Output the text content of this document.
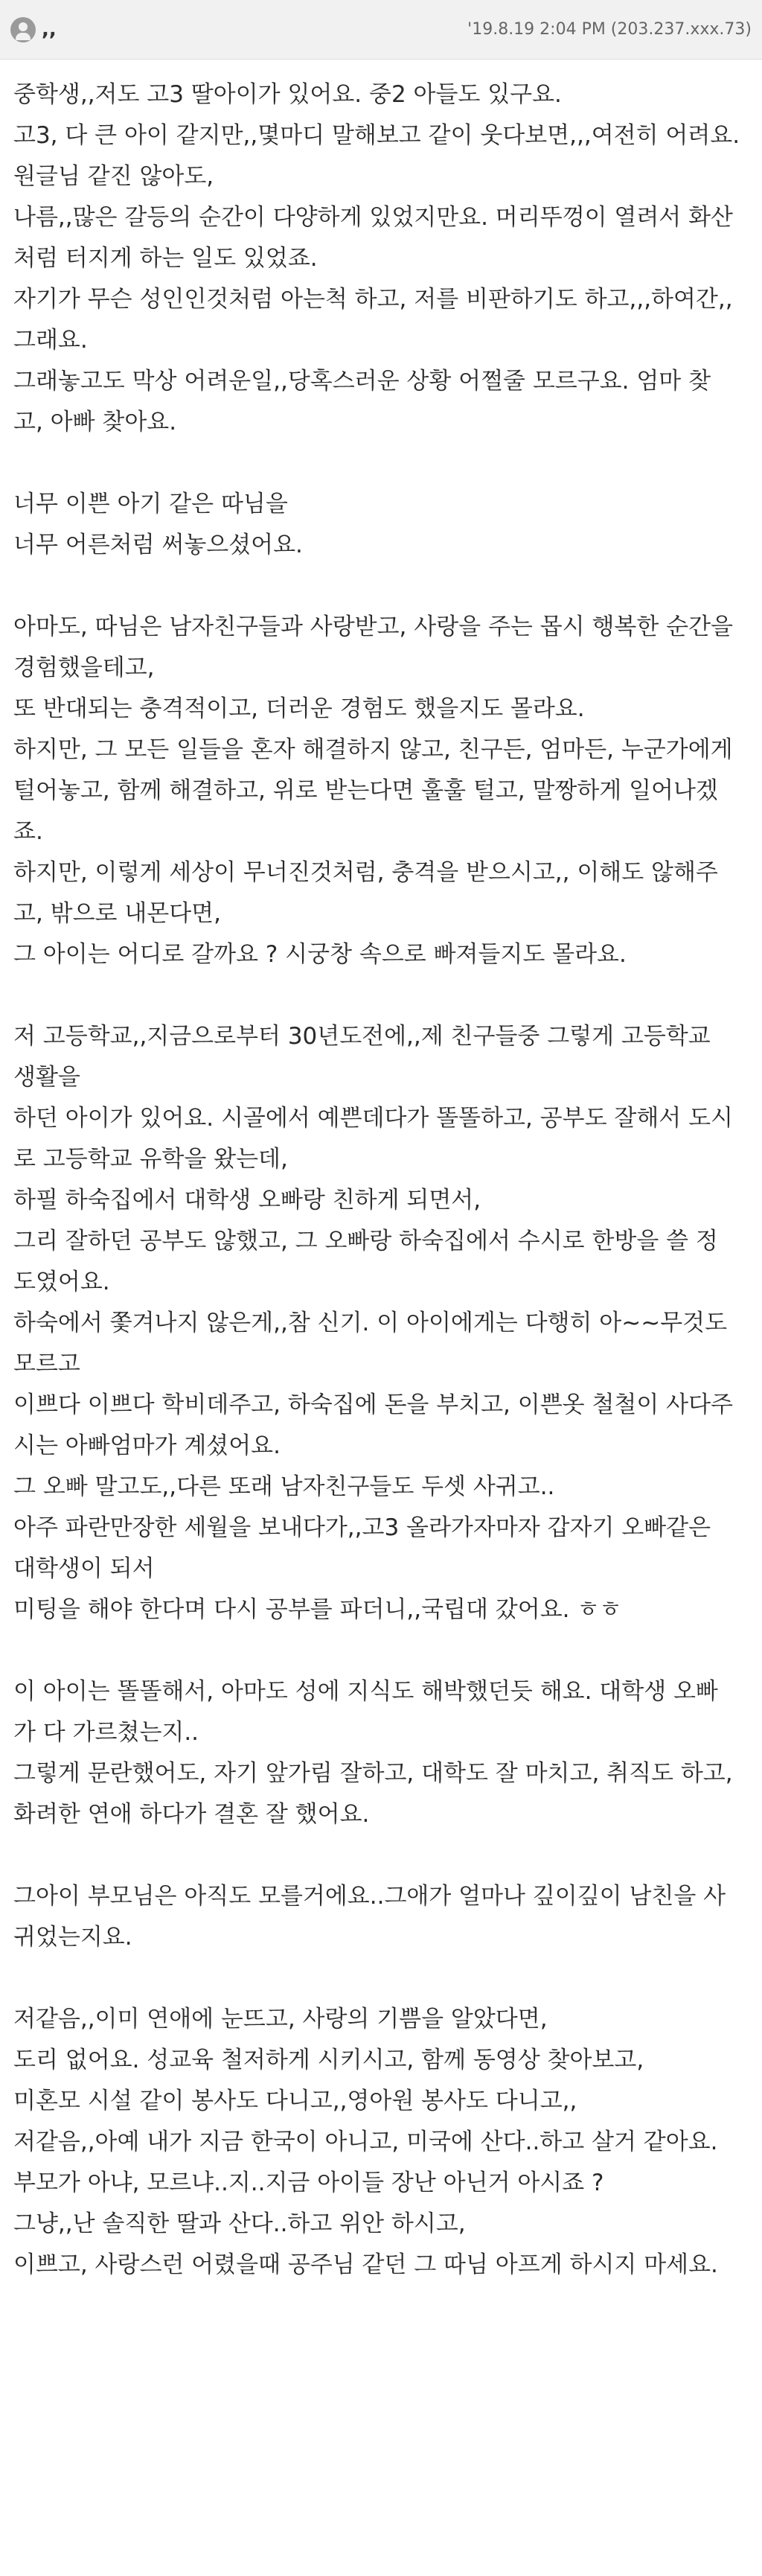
,,	'19.8.19 2:04 PM (203.237.xxx.73)
중학생,,저도 고3 딸아이가 있어요. 중2 아들도 있구요.
고3, 다 큰 아이 같지만,,몇마디 말해보고 같이 웃다보면,,,여전히 어려요.
원글님 같진 않아도,
나름,,많은 갈등의 순간이 다양하게 있었지만요. 머리뚜껑이 열려서 화산
처럼 터지게 하는 일도 있었죠.
자기가 무슨 성인인것처럼 아는척 하고, 저를 비판하기도 하고,,,하여간,,
그래요.
그래놓고도 막상 어려운일,,당혹스러운 상황 어쩔줄 모르구요. 엄마 찾
고, 아빠 찾아요.
너무 이쁜 아기 같은 따님을
너무 어른처럼 써놓으셨어요.
아마도, 따님은 남자친구들과 사랑받고, 사랑을 주는 몹시 행복한 순간을
경험했을테고,
또 반대되는 충격적이고, 더러운 경험도 했을지도 몰라요.
하지만, 그 모든 일들을 혼자 해결하지 않고, 친구든, 엄마든, 누군가에게
털어놓고, 함께 해결하고, 위로 받는다면 훌훌 털고, 말짱하게 일어나겠
죠.
하지만, 이렇게 세상이 무너진것처럼, 충격을 받으시고,, 이해도 않해주
고, 밖으로 내몬다면,
그 아이는 어디로 갈까요 ? 시궁창 속으로 빠져들지도 몰라요.
저 고등학교,,지금으로부터 30년도전에,,제 친구들중 그렇게 고등학교
생활을
하던 아이가 있어요. 시골에서 예쁜데다가 똘똘하고, 공부도 잘해서 도시
로 고등학교 유학을 왔는데,
하필 하숙집에서 대학생 오빠랑 친하게 되면서,
그리 잘하던 공부도 않했고, 그 오빠랑 하숙집에서 수시로 한방을 쓸 정
도였어요.
하숙에서 쫓겨나지 않은게,,참 신기. 이 아이에게는 다행히 아~~무것도
모르고
이쁘다 이쁘다 학비데주고, 하숙집에 돈을 부치고, 이쁜옷 철철이 사다주
시는 아빠엄마가 계셨어요.
그 오빠 말고도,,다른 또래 남자친구들도 두셋 사귀고..
아주 파란만장한 세월을 보내다가,,고3 올라가자마자 갑자기 오빠같은
대학생이 되서
미팅을 해야 한다며 다시 공부를 파더니,,국립대 갔어요. ㅎㅎ
이 아이는 똘똘해서, 아마도 성에 지식도 해박했던듯 해요. 대학생 오빠
가 다 가르쳤는지..
그렇게 문란했어도, 자기 앞가림 잘하고, 대학도 잘 마치고, 취직도 하고,
화려한 연애 하다가 결혼 잘 했어요.
그아이 부모님은 아직도 모를거에요..그애가 얼마나 깊이깊이 남친을 사
귀었는지요.
저같음,,이미 연애에 눈뜨고, 사랑의 기쁨을 알았다면,
도리 없어요. 성교육 철저하게 시키시고, 함께 동영상 찾아보고,
미혼모 시설 같이 봉사도 다니고,,영아원 봉사도 다니고,,
저같음,,아예 내가 지금 한국이 아니고, 미국에 산다..하고 살거 같아요.
부모가 아냐, 모르냐..지..지금 아이들 장난 아닌거 아시죠 ?
그냥,,난 솔직한 딸과 산다..하고 위안 하시고,
이쁘고, 사랑스런 어렸을때 공주님 같던 그 따님 아프게 하시지 마세요.
